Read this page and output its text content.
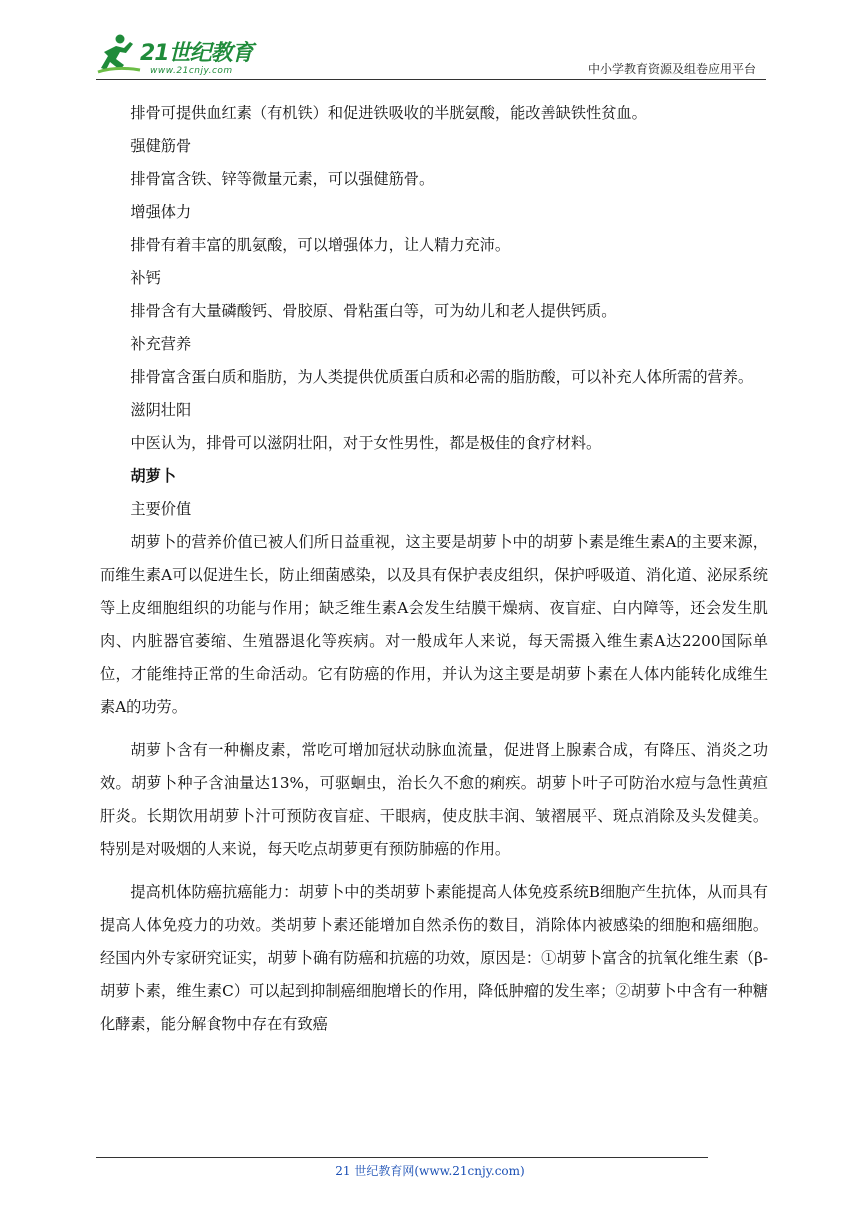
21世纪教育
www.21cnjy.com	中小学教育资源及组卷应用平台

排骨可提供血红素（有机铁）和促进铁吸收的半胱氨酸，能改善缺铁性贫血。

强健筋骨

排骨富含铁、锌等微量元素，可以强健筋骨。

增强体力

排骨有着丰富的肌氨酸，可以增强体力，让人精力充沛。

补钙

排骨含有大量磷酸钙、骨胶原、骨粘蛋白等，可为幼儿和老人提供钙质。

补充营养

排骨富含蛋白质和脂肪，为人类提供优质蛋白质和必需的脂肪酸，可以补充人体所需的营养。

滋阴壮阳

中医认为，排骨可以滋阴壮阳，对于女性男性，都是极佳的食疗材料。

胡萝卜

主要价值

胡萝卜的营养价值已被人们所日益重视，这主要是胡萝卜中的胡萝卜素是维生素A的主要来源，而维生素A可以促进生长，防止细菌感染，以及具有保护表皮组织，保护呼吸道、消化道、泌尿系统等上皮细胞组织的功能与作用；缺乏维生素A会发生结膜干燥病、夜盲症、白内障等，还会发生肌肉、内脏器官萎缩、生殖器退化等疾病。对一般成年人来说，每天需摄入维生素A达2200国际单位，才能维持正常的生命活动。它有防癌的作用，并认为这主要是胡萝卜素在人体内能转化成维生素A的功劳。

胡萝卜含有一种槲皮素，常吃可增加冠状动脉血流量，促进肾上腺素合成，有降压、消炎之功效。胡萝卜种子含油量达13%，可驱蛔虫，治长久不愈的痢疾。胡萝卜叶子可防治水痘与急性黄疸肝炎。长期饮用胡萝卜汁可预防夜盲症、干眼病，使皮肤丰润、皱褶展平、斑点消除及头发健美。特别是对吸烟的人来说，每天吃点胡萝更有预防肺癌的作用。

提高机体防癌抗癌能力：胡萝卜中的类胡萝卜素能提高人体免疫系统B细胞产生抗体，从而具有提高人体免疫力的功效。类胡萝卜素还能增加自然杀伤的数目，消除体内被感染的细胞和癌细胞。经国内外专家研究证实，胡萝卜确有防癌和抗癌的功效，原因是：①胡萝卜富含的抗氧化维生素（β-胡萝卜素，维生素C）可以起到抑制癌细胞增长的作用，降低肿瘤的发生率；②胡萝卜中含有一种糖化酵素，能分解食物中存在有致癌

21 世纪教育网(www.21cnjy.com)
